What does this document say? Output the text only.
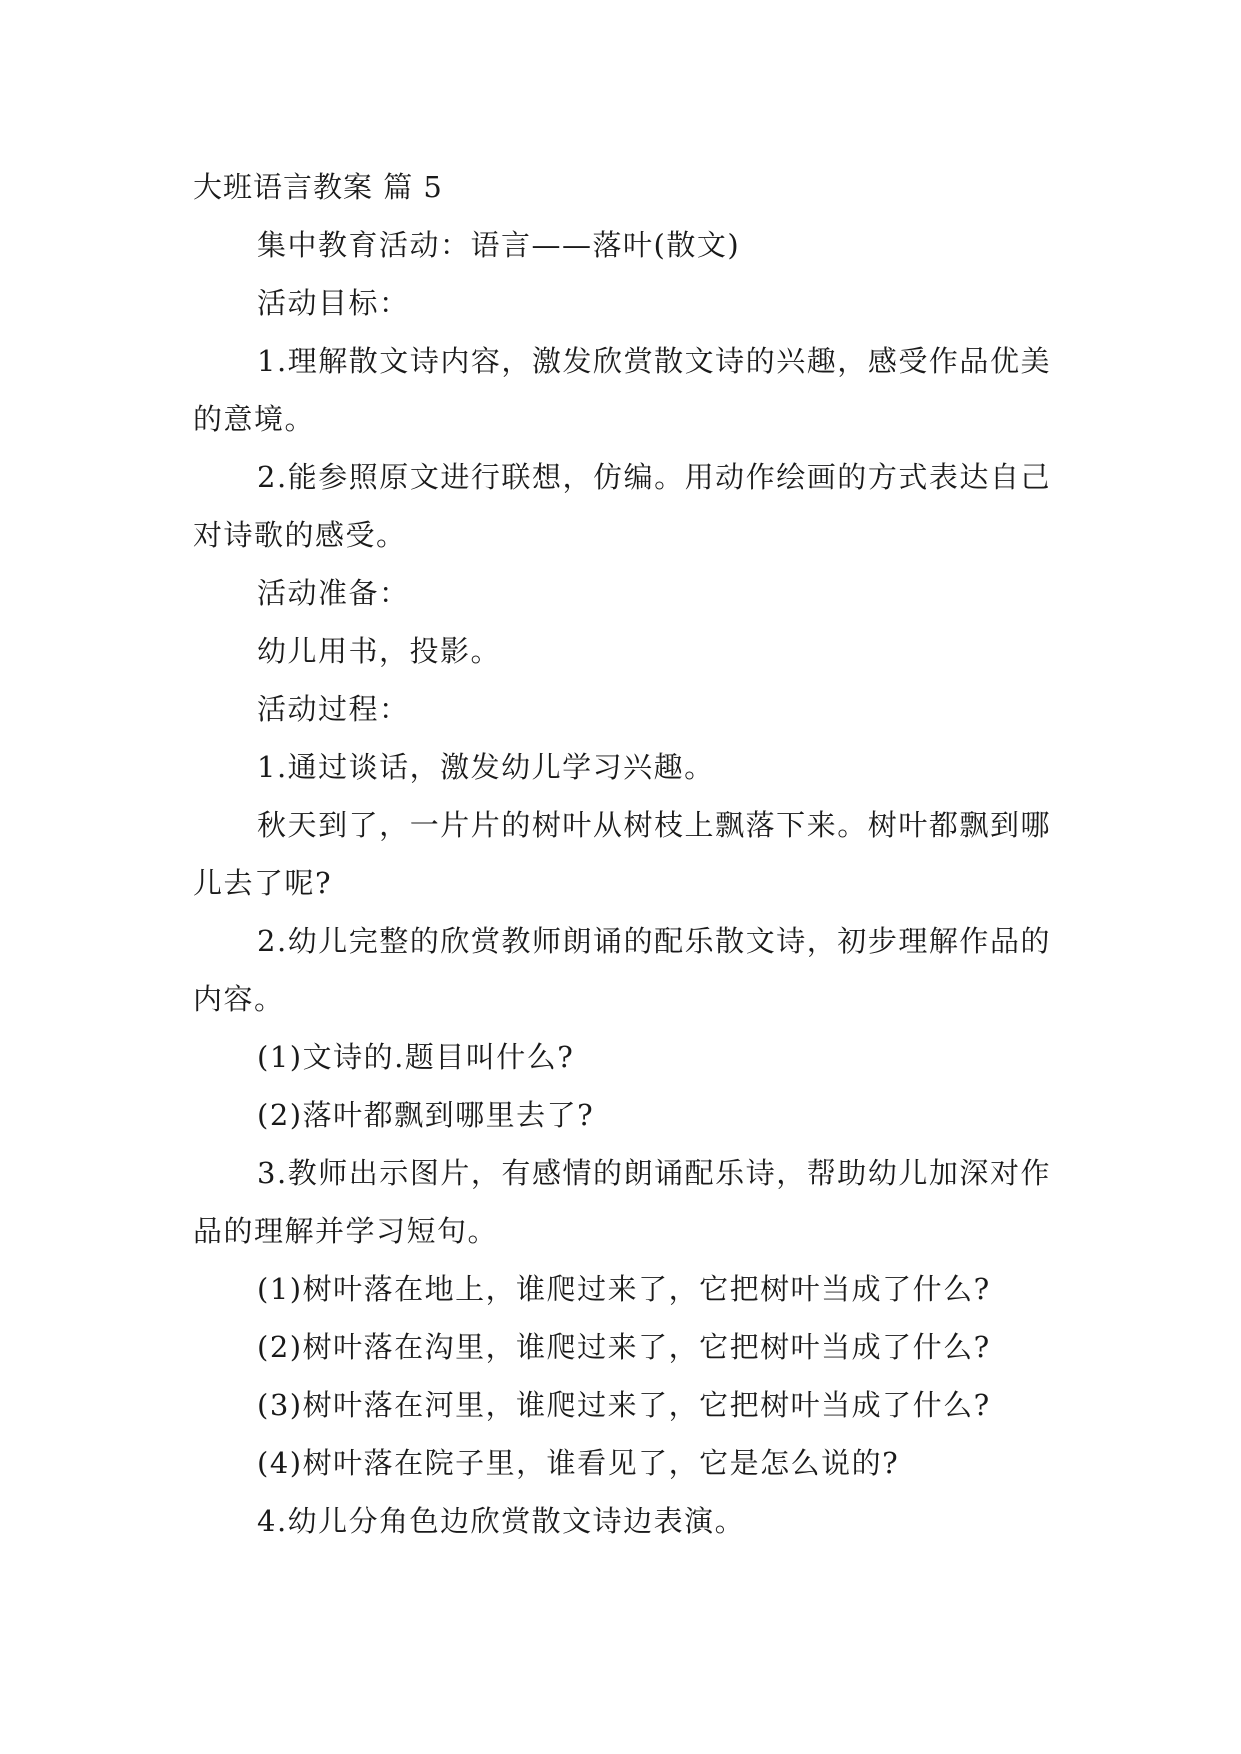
大班语言教案 篇 5

集中教育活动：语言——落叶(散文)

活动目标：

1.理解散文诗内容，激发欣赏散文诗的兴趣，感受作品优美的意境。

2.能参照原文进行联想，仿编。用动作绘画的方式表达自己对诗歌的感受。

活动准备：

幼儿用书，投影。

活动过程：

1.通过谈话，激发幼儿学习兴趣。

秋天到了，一片片的树叶从树枝上飘落下来。树叶都飘到哪儿去了呢?

2.幼儿完整的欣赏教师朗诵的配乐散文诗，初步理解作品的内容。

(1)文诗的.题目叫什么?

(2)落叶都飘到哪里去了?

3.教师出示图片，有感情的朗诵配乐诗，帮助幼儿加深对作品的理解并学习短句。

(1)树叶落在地上，谁爬过来了，它把树叶当成了什么?

(2)树叶落在沟里，谁爬过来了，它把树叶当成了什么?

(3)树叶落在河里，谁爬过来了，它把树叶当成了什么?

(4)树叶落在院子里，谁看见了，它是怎么说的?

4.幼儿分角色边欣赏散文诗边表演。
